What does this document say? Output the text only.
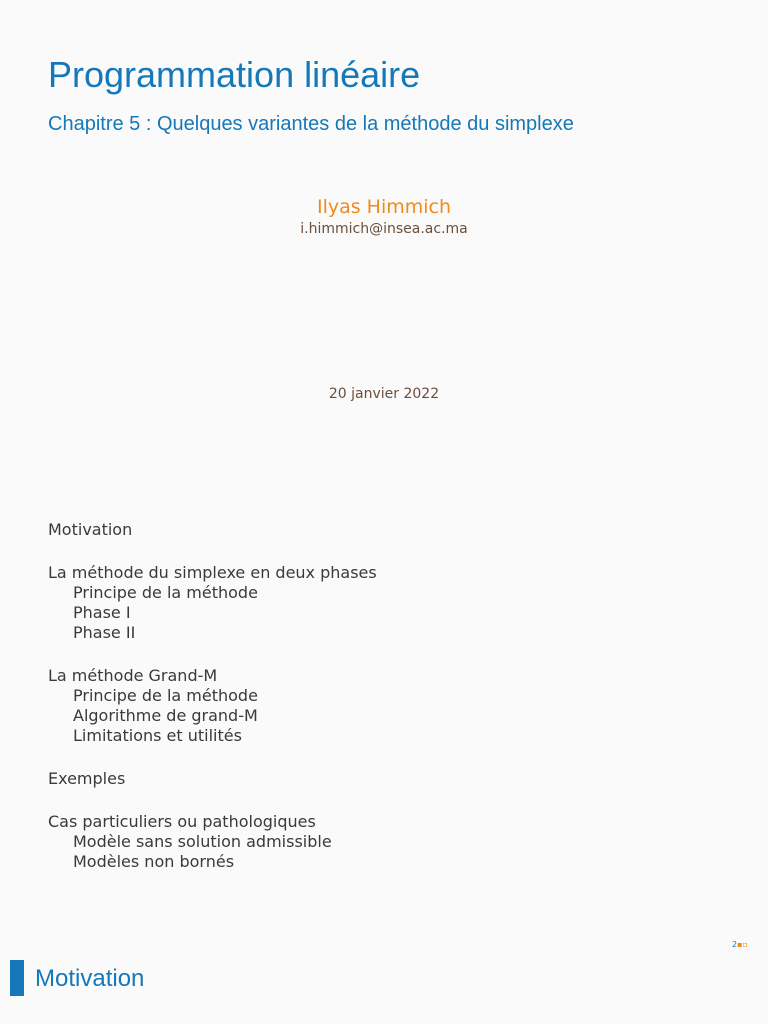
Programmation linéaire
Chapitre 5 : Quelques variantes de la méthode du simplexe
Ilyas Himmich
i.himmich@insea.ac.ma
20 janvier 2022
Motivation
La méthode du simplexe en deux phases
Principe de la méthode
Phase I
Phase II
La méthode Grand-M
Principe de la méthode
Algorithme de grand-M
Limitations et utilités
Exemples
Cas particuliers ou pathologiques
Modèle sans solution admissible
Modèles non bornés
2▪▫
Motivation
